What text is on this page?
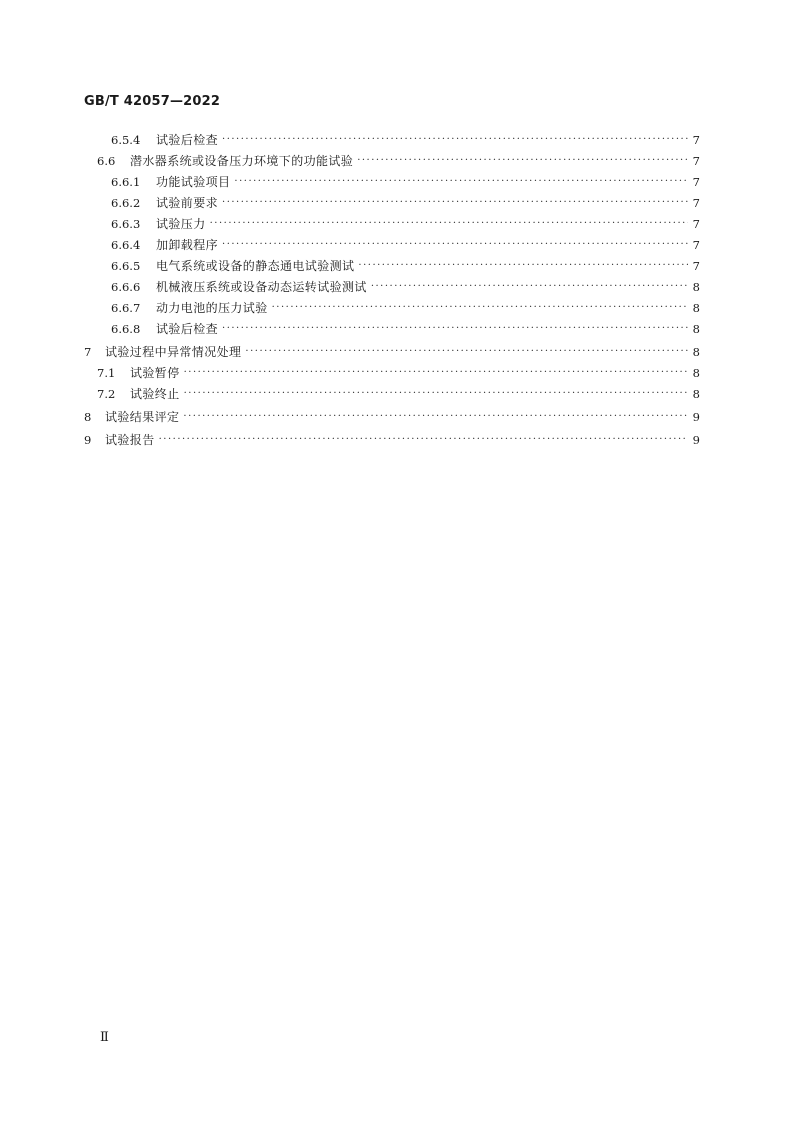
GB/T 42057—2022
6.5.4	试验后检查 ·····	7
6.6	潜水器系统或设备压力环境下的功能试验 ·····	7
6.6.1	功能试验项目 ·····	7
6.6.2	试验前要求 ·····	7
6.6.3	试验压力 ·····	7
6.6.4	加卸载程序 ·····	7
6.6.5	电气系统或设备的静态通电试验测试 ·····	7
6.6.6	机械液压系统或设备动态运转试验测试 ·····	8
6.6.7	动力电池的压力试验 ·····	8
6.6.8	试验后检查 ·····	8
7	试验过程中异常情况处理 ·····	8
7.1	试验暂停 ·····	8
7.2	试验终止 ·····	8
8	试验结果评定 ·····	9
9	试验报告 ·····	9
Ⅱ
